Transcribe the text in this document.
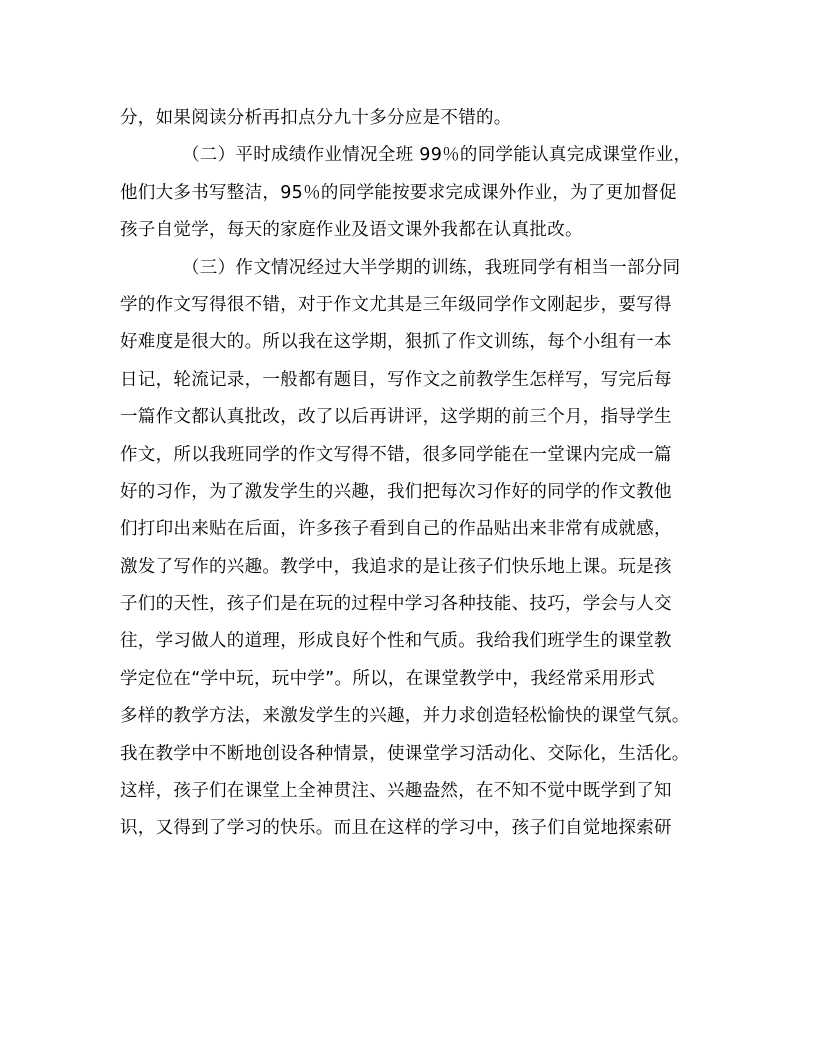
分，如果阅读分析再扣点分九十多分应是不错的。
（二）平时成绩作业情况全班 99％的同学能认真完成课堂作业，
他们大多书写整洁，95％的同学能按要求完成课外作业，为了更加督促
孩子自觉学，每天的家庭作业及语文课外我都在认真批改。
（三）作文情况经过大半学期的训练，我班同学有相当一部分同
学的作文写得很不错，对于作文尤其是三年级同学作文刚起步，要写得
好难度是很大的。所以我在这学期，狠抓了作文训练，每个小组有一本
日记，轮流记录，一般都有题目，写作文之前教学生怎样写，写完后每
一篇作文都认真批改，改了以后再讲评，这学期的前三个月，指导学生
作文，所以我班同学的作文写得不错，很多同学能在一堂课内完成一篇
好的习作，为了激发学生的兴趣，我们把每次习作好的同学的作文教他
们打印出来贴在后面，许多孩子看到自己的作品贴出来非常有成就感，
激发了写作的兴趣。教学中，我追求的是让孩子们快乐地上课。玩是孩
子们的天性，孩子们是在玩的过程中学习各种技能、技巧，学会与人交
往，学习做人的道理，形成良好个性和气质。我给我们班学生的课堂教
学定位在“学中玩，玩中学”。所以，在课堂教学中，我经常采用形式
多样的教学方法，来激发学生的兴趣，并力求创造轻松愉快的课堂气氛。
我在教学中不断地创设各种情景，使课堂学习活动化、交际化，生活化。
这样，孩子们在课堂上全神贯注、兴趣盎然，在不知不觉中既学到了知
识，又得到了学习的快乐。而且在这样的学习中，孩子们自觉地探索研
